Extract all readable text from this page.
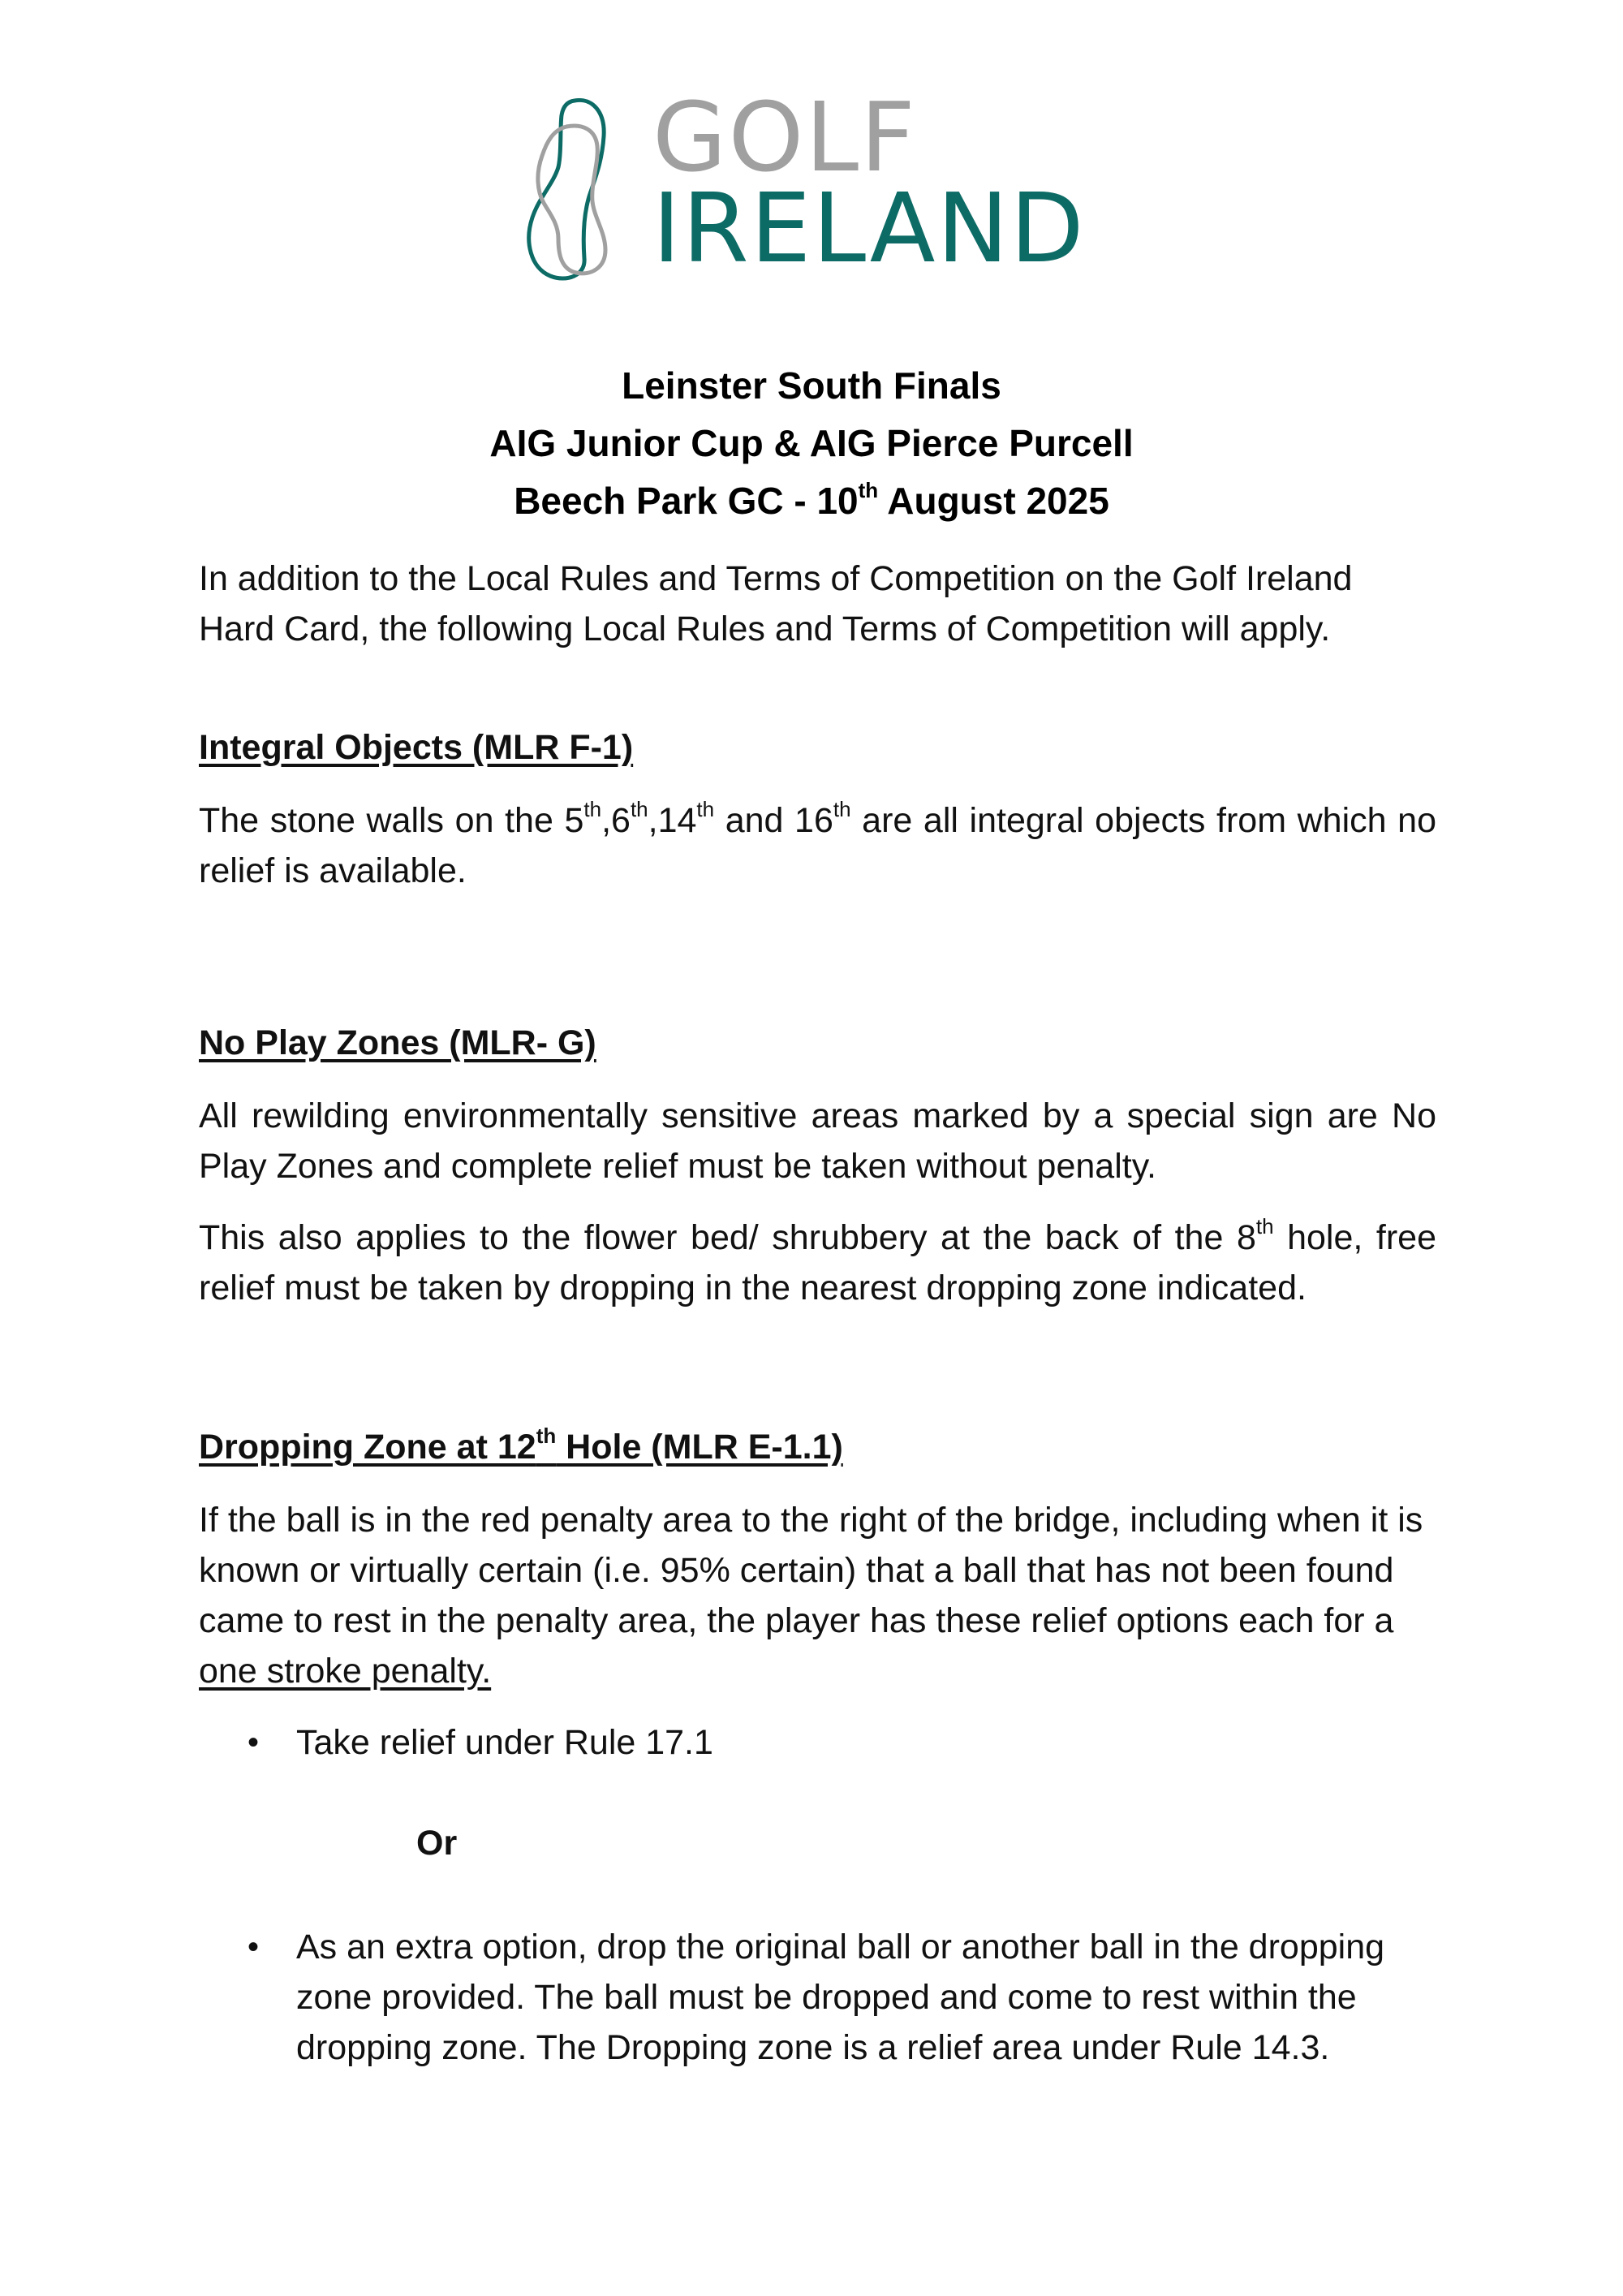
GOLF
IRELAND
Leinster South Finals
AIG Junior Cup & AIG Pierce Purcell
Beech Park GC - 10th August 2025

In addition to the Local Rules and Terms of Competition on the Golf Ireland Hard Card, the following Local Rules and Terms of Competition will apply.

Integral Objects (MLR F-1)

The stone walls on the 5th,6th,14th and 16th are all integral objects from which no relief is available.

No Play Zones (MLR- G)

All rewilding environmentally sensitive areas marked by a special sign are No Play Zones and complete relief must be taken without penalty.

This also applies to the flower bed/ shrubbery at the back of the 8th hole, free relief must be taken by dropping in the nearest dropping zone indicated.

Dropping Zone at 12th Hole (MLR E-1.1)

If the ball is in the red penalty area to the right of the bridge, including when it is known or virtually certain (i.e. 95% certain) that a ball that has not been found came to rest in the penalty area, the player has these relief options each for a one stroke penalty.

• Take relief under Rule 17.1

Or

• As an extra option, drop the original ball or another ball in the dropping zone provided. The ball must be dropped and come to rest within the dropping zone. The Dropping zone is a relief area under Rule 14.3.
